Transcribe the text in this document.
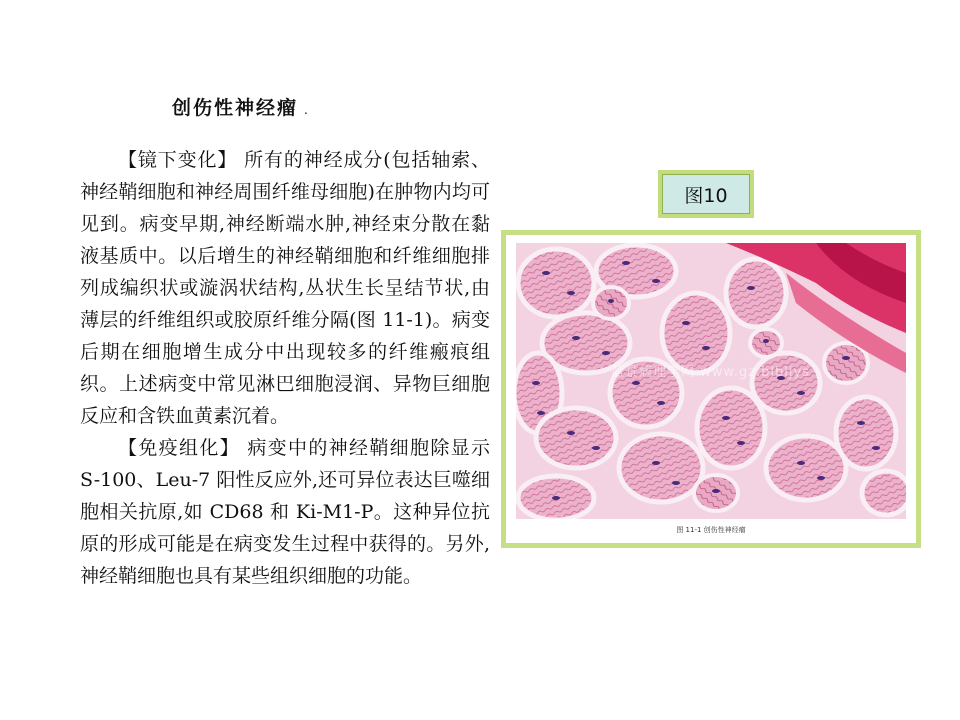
创伤性神经瘤 .

【镜下变化】 所有的神经成分(包括轴索、神经鞘细胞和神经周围纤维母细胞)在肿物内均可见到。病变早期,神经断端水肿,神经束分散在黏液基质中。以后增生的神经鞘细胞和纤维细胞排列成编织状或漩涡状结构,丛状生长呈结节状,由薄层的纤维组织或胶原纤维分隔(图 11-1)。病变后期在细胞增生成分中出现较多的纤维瘢痕组织。上述病变中常见淋巴细胞浸润、异物巨细胞反应和含铁血黄素沉着。

【免疫组化】 病变中的神经鞘细胞除显示 S-100、Leu-7 阳性反应外,还可异位表达巨噬细胞相关抗原,如 CD68 和 Ki-M1-P。这种异位抗原的形成可能是在病变发生过程中获得的。另外,神经鞘细胞也具有某些组织细胞的功能。

图10
蓝景病理学网 www.gz.blbljys
图 11-1 创伤性神经瘤
